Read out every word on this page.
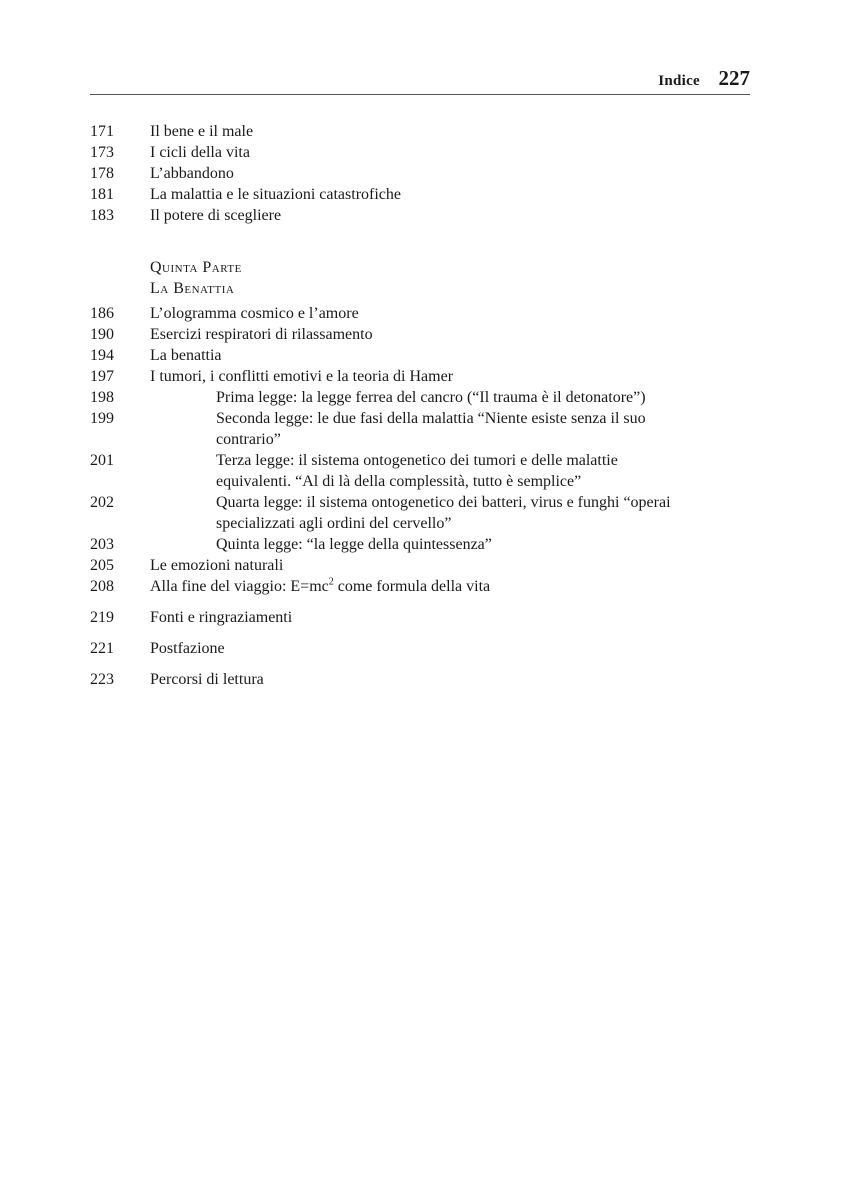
Indice 227
171	Il bene e il male
173	I cicli della vita
178	L’abbandono
181	La malattia e le situazioni catastrofiche
183	Il potere di scegliere
Quinta Parte
La Benattia
186	L’ologramma cosmico e l’amore
190	Esercizi respiratori di rilassamento
194	La benattia
197	I tumori, i conflitti emotivi e la teoria di Hamer
198	Prima legge: la legge ferrea del cancro (“Il trauma è il detonatore”)
199	Seconda legge: le due fasi della malattia “Niente esiste senza il suo contrario”
201	Terza legge: il sistema ontogenetico dei tumori e delle malattie equivalenti. “Al di là della complessità, tutto è semplice”
202	Quarta legge: il sistema ontogenetico dei batteri, virus e funghi “operai specializzati agli ordini del cervello”
203	Quinta legge: “la legge della quintessenza”
205	Le emozioni naturali
208	Alla fine del viaggio: $E=mc^2$ come formula della vita
219	Fonti e ringraziamenti
221	Postfazione
223	Percorsi di lettura
